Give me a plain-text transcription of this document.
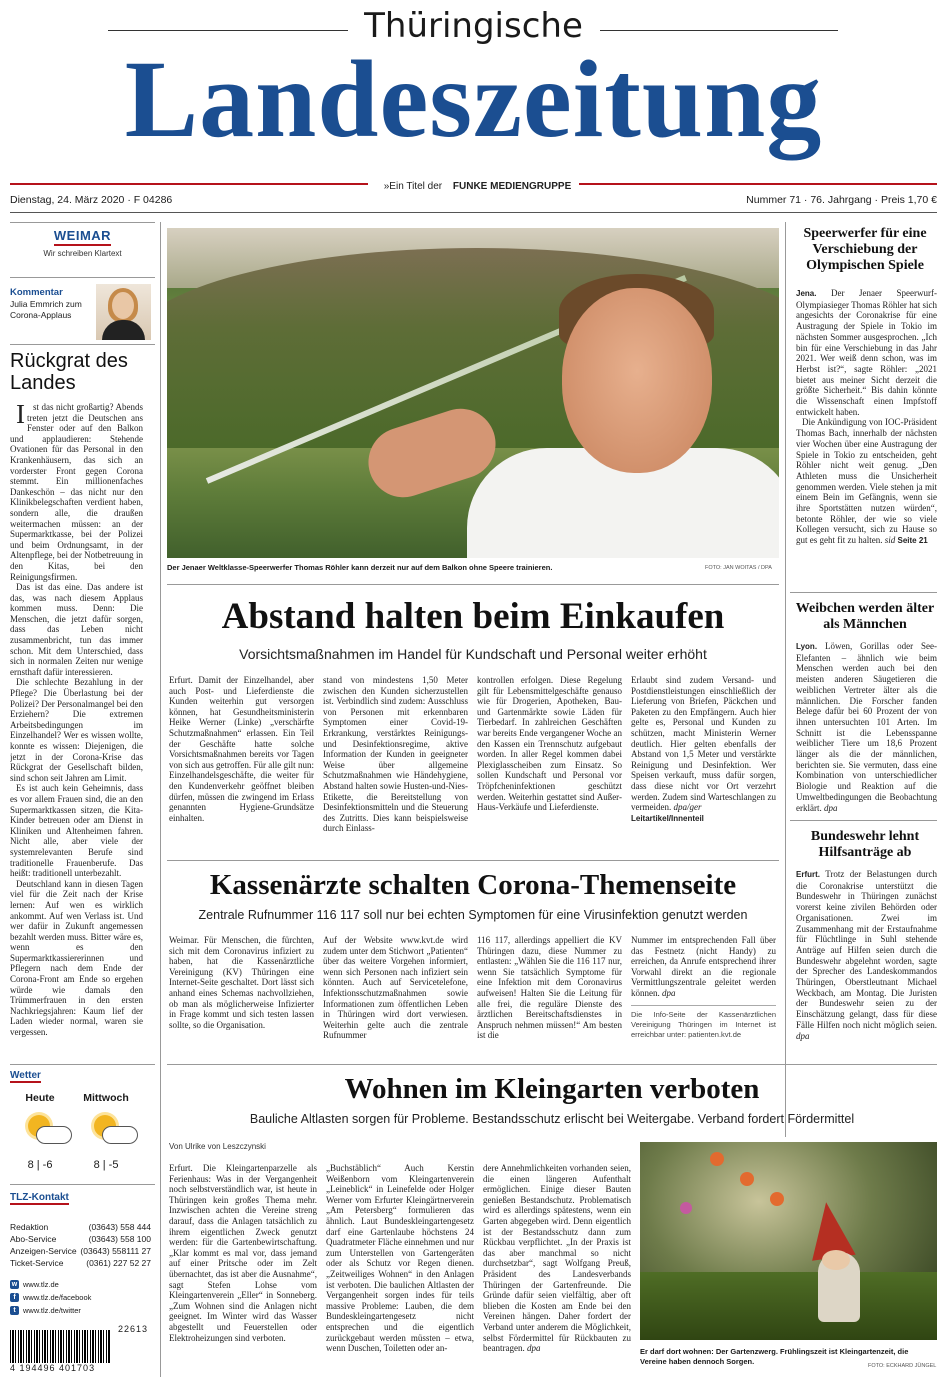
Thüringische
Landeszeitung
»Ein Titel der FUNKE MEDIENGRUPPE
Dienstag, 24. März 2020 · F 04286	Nummer 71 · 76. Jahrgang · Preis 1,70 €
WEIMAR
Wir schreiben Klartext
Kommentar
Julia Emmrich zum Corona-Applaus
Rückgrat des Landes

Ist das nicht großartig? Abends treten jetzt die Deutschen ans Fenster oder auf den Balkon und applaudieren: Stehende Ovationen für das Personal in den Krankenhäusern, das sich an vorderster Front gegen Corona stemmt. Ein millionenfaches Dankeschön – das nicht nur den Klinikbelegschaften verdient haben, sondern alle, die draußen weitermachen müssen: an der Supermarktkasse, bei der Polizei und beim Ordnungsamt, in der Altenpflege, bei der Notbetreuung in den Kitas, bei den Reinigungsfirmen.

Das ist das eine. Das andere ist das, was nach diesem Applaus kommen muss. Denn: Die Menschen, die jetzt dafür sorgen, dass das Leben nicht zusammenbricht, tun das immer schon. Mit dem Unterschied, dass sich in normalen Zeiten nur wenige ernsthaft dafür interessieren.

Die schlechte Bezahlung in der Pflege? Die Überlastung bei der Polizei? Der Personalmangel bei den Erziehern? Die extremen Arbeitsbedingungen im Einzelhandel? Wer es wissen wollte, konnte es wissen: Diejenigen, die jetzt in der Corona-Krise das Rückgrat der Gesellschaft bilden, sind schon seit Jahren am Limit.

Es ist auch kein Geheimnis, dass es vor allem Frauen sind, die an den Supermarktkassen sitzen, die Kita-Kinder betreuen oder am Dienst in Kliniken und Altenheimen fahren. Nicht alle, aber viele der systemrelevanten Berufe sind traditionelle Frauenberufe. Das heißt: traditionell unterbezahlt.

Deutschland kann in diesen Tagen viel für die Zeit nach der Krise lernen: Auf wen es wirklich ankommt. Auf wen Verlass ist. Und wer dafür in Zukunft angemessen bezahlt werden muss. Bitter wäre es, wenn es den Supermarktkassiererinnen und Pflegern nach dem Ende der Corona-Front am Ende so ergehen würde wie damals den Trümmerfrauen in den ersten Nachkriegsjahren: Kaum lief der Laden wieder normal, waren sie vergessen.

Wetter
Heute	Mittwoch
8 | -6	8 | -5
TLZ-Kontakt
Redaktion	(03643) 558 444
Abo-Service	(03643) 558 100
Anzeigen-Service (03643) 558111 27
Ticket-Service	(0361) 227 52 27
w www.tlz.de
f www.tlz.de/facebook
t www.tlz.de/twitter
4 194496 401703
22613
Der Jenaer Weltklasse-Speerwerfer Thomas Röhler kann derzeit nur auf dem Balkon ohne Speere trainieren.	FOTO: JAN WOITAS / DPA
Speerwerfer für eine Verschiebung der Olympischen Spiele

Jena. Der Jenaer Speerwurf-Olympiasieger Thomas Röhler hat sich angesichts der Coronakrise für eine Austragung der Spiele in Tokio im nächsten Sommer ausgesprochen. „Ich bin für eine Verschiebung in das Jahr 2021. Wer weiß denn schon, was im Herbst ist?“, sagte Röhler: „2021 bietet aus meiner Sicht derzeit die größte Sicherheit.“ Bis dahin könnte die Wissenschaft einen Impfstoff entwickelt haben.

Die Ankündigung von IOC-Präsident Thomas Bach, innerhalb der nächsten vier Wochen über eine Austragung der Spiele in Tokio zu entscheiden, geht Röhler nicht weit genug. „Den Athleten muss die Unsicherheit genommen werden. Viele stehen ja mit einem Bein im Gefängnis, wenn sie ihre Sportstätten nutzen würden“, betonte Röhler, der wie so viele Kollegen versucht, sich zu Hause so gut es geht fit zu halten. sid Seite 21

Weibchen werden älter als Männchen

Lyon. Löwen, Gorillas oder See-Elefanten – ähnlich wie beim Menschen werden auch bei den meisten anderen Säugetieren die weiblichen Vertreter älter als die männlichen. Die Forscher fanden Belege dafür bei 60 Prozent der von ihnen untersuchten 101 Arten. Im Schnitt ist die Lebensspanne weiblicher Tiere um 18,6 Prozent länger als die der männlichen, berichten sie. Sie vermuten, dass eine Kombination von unterschiedlicher Biologie und Reaktion auf die Umweltbedingungen die Beobachtung erklärt. dpa

Bundeswehr lehnt Hilfsanträge ab

Erfurt. Trotz der Belastungen durch die Coronakrise unterstützt die Bundeswehr in Thüringen zunächst vorerst keine zivilen Behörden oder Organisationen. Zwei im Zusammenhang mit der Erstaufnahme für Flüchtlinge in Suhl stehende Anträge auf Hilfen seien durch die Bundeswehr abgelehnt worden, sagte der Sprecher des Landeskommandos Thüringen, Oberstleutnant Michael Weckbach, am Montag. Die Juristen der Bundeswehr seien zu der Einschätzung gelangt, dass für diese Fälle Hilfen noch nicht möglich seien. dpa

Abstand halten beim Einkaufen
Vorsichtsmaßnahmen im Handel für Kundschaft und Personal weiter erhöht

Erfurt. Damit der Einzelhandel, aber auch Post- und Lieferdienste die Kunden weiterhin gut versorgen können, hat Gesundheitsministerin Heike Werner (Linke) „verschärfte Schutzmaßnahmen“ erlassen. Ein Teil der Geschäfte hatte solche Vorsichtsmaßnahmen bereits vor Tagen von sich aus getroffen. Für alle gilt nun: Einzelhandelsgeschäfte, die weiter für den Kundenverkehr geöffnet bleiben dürfen, müssen die zwingend im Erlass genannten Hygiene-Grundsätze einhalten.

stand von mindestens 1,50 Meter zwischen den Kunden sicherzustellen ist. Verbindlich sind zudem: Ausschluss von Personen mit erkennbaren Symptomen einer Covid-19-Erkrankung, verstärktes Reinigungs- und Desinfektionsregime, aktive Information der Kunden in geeigneter Weise über allgemeine Schutzmaßnahmen wie Händehygiene, Abstand halten sowie Husten-und-Nies-Etikette, die Bereitstellung von Desinfektionsmitteln und die Steuerung des Zutritts. Dies kann beispielsweise durch Einlass-

kontrollen erfolgen. Diese Regelung gilt für Lebensmittelgeschäfte genauso wie für Drogerien, Apotheken, Bau- und Gartenmärkte sowie Läden für Tierbedarf. In zahlreichen Geschäften war bereits Ende vergangener Woche an den Kassen ein Trennschutz aufgebaut worden. In aller Regel kommen dabei Plexiglasscheiben zum Einsatz. So sollen Kundschaft und Personal vor Tröpfcheninfektionen geschützt werden. Weiterhin gestattet sind Außer-Haus-Verkäufe und Lieferdienste.

Erlaubt sind zudem Versand- und Postdienstleistungen einschließlich der Lieferung von Briefen, Päckchen und Paketen zu den Empfängern. Auch hier gelte es, Personal und Kunden zu schützen, macht Ministerin Werner deutlich. Hier gelten ebenfalls der Abstand von 1,5 Meter und verstärkte Reinigung und Desinfektion. Wer Speisen verkauft, muss dafür sorgen, dass diese nicht vor Ort verzehrt werden. Zudem sind Warteschlangen zu vermeiden. dpa/ger
Leitartikel/Innenteil

Kassenärzte schalten Corona-Themenseite
Zentrale Rufnummer 116 117 soll nur bei echten Symptomen für eine Virusinfektion genutzt werden

Weimar. Für Menschen, die fürchten, sich mit dem Coronavirus infiziert zu haben, hat die Kassenärztliche Vereinigung (KV) Thüringen eine Internet-Seite geschaltet. Dort lässt sich anhand eines Schemas nachvollziehen, ob man als möglicherweise Infizierter in Frage kommt und sich testen lassen sollte, so die Organisation.

Auf der Website www.kvt.de wird zudem unter dem Stichwort „Patienten“ über das weitere Vorgehen informiert, wenn sich Personen nach infiziert sein könnten. Auch auf Servicetelefone, Infektionsschutzmaßnahmen sowie Informationen zum öffentlichen Leben in Thüringen wird dort verwiesen. Weiterhin gelte auch die zentrale Rufnummer

116 117, allerdings appelliert die KV Thüringen dazu, diese Nummer zu entlasten: „Wählen Sie die 116 117 nur, wenn Sie tatsächlich Symptome für eine Infektion mit dem Coronavirus aufweisen! Halten Sie die Leitung für alle frei, die reguläre Dienste des ärztlichen Bereitschaftsdienstes in Anspruch nehmen müssen!“ Am besten ist die

Nummer im entsprechenden Fall über das Festnetz (nicht Handy) zu erreichen, da Anrufe entsprechend ihrer Vorwahl direkt an die regionale Vermittlungszentrale geleitet werden können. dpa

Die Info-Seite der Kassenärztlichen Vereinigung Thüringen im Internet ist erreichbar unter: patienten.kvt.de
Wohnen im Kleingarten verboten
Bauliche Altlasten sorgen für Probleme. Bestandsschutz erlischt bei Weitergabe. Verband fordert Fördermittel
Von Ulrike von Leszczynski

Erfurt. Die Kleingartenparzelle als Ferienhaus: Was in der Vergangenheit noch selbstverständlich war, ist heute in Thüringen kein großes Thema mehr. Inzwischen achten die Vereine streng darauf, dass die Anlagen tatsächlich zu ihrem eigentlichen Zweck genutzt werden: für die Gartenbewirtschaftung. „Klar kommt es mal vor, dass jemand auf einer Pritsche oder im Zelt übernachtet, das ist aber die Ausnahme“, sagt Stefen Lohse vom Kleingartenverein „Eller“ in Sonneberg. „Zum Wohnen sind die Anlagen nicht geeignet. Im Winter wird das Wasser abgestellt und Feuerstellen oder Elektroheizungen sind verboten.

„Buchstäblich“ Auch Kerstin Weißenborn vom Kleingartenverein „Leineblick“ in Leinefelde oder Holger Werner vom Erfurter Kleingärtnerverein „Am Petersberg“ formulieren das ähnlich. Laut Bundeskleingartengesetz darf eine Gartenlaube höchstens 24 Quadratmeter Fläche einnehmen und nur zum Unterstellen von Gartengeräten oder als Schutz vor Regen dienen. „Zeitweiliges Wohnen“ in den Anlagen ist verboten. Die baulichen Altlasten der Vergangenheit sorgen indes für teils massive Probleme: Lauben, die dem Bundeskleingartengesetz nicht entsprechen und die eigentlich zurückgebaut werden müssten – etwa, wenn Duschen, Toiletten oder an-

dere Annehmlichkeiten vorhanden seien, die einen längeren Aufenthalt ermöglichen. Einige dieser Bauten genießen Bestandschutz. Problematisch wird es allerdings spätestens, wenn ein Garten abgegeben wird. Denn eigentlich ist der Bestandsschutz dann zum Rückbau verpflichtet. „In der Praxis ist das aber manchmal so nicht durchsetzbar“, sagt Wolfgang Preuß, Präsident des Landesverbands Thüringen der Gartenfreunde. Die Gründe dafür seien vielfältig, aber oft blieben die Kosten am Ende bei den Vereinen hängen. Daher fordert der Verband unter anderem die Möglichkeit, selbst Fördermittel für Rückbauten zu beantragen. dpa	Er darf dort wohnen: Der Gartenzwerg. Frühlingszeit ist Kleingartenzeit, die Vereine haben dennoch Sorgen.	FOTO: ECKHARD JÜNGEL
